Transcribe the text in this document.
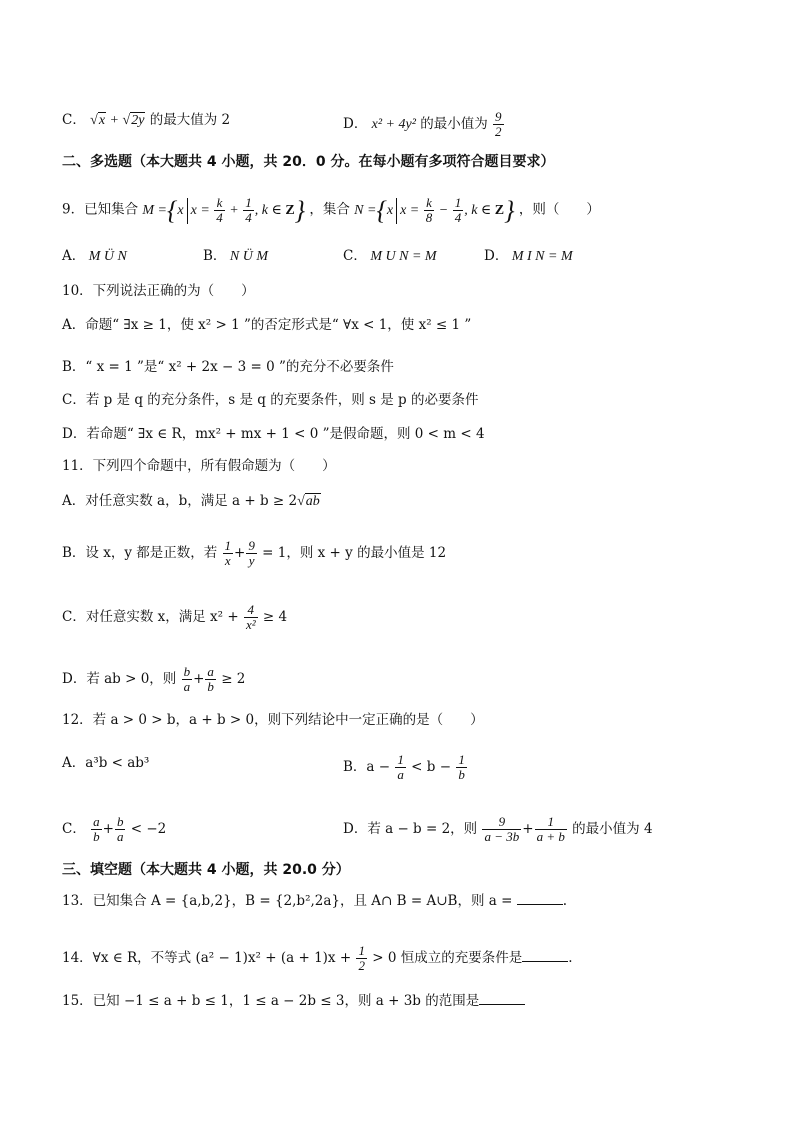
C． √x + √2y 的最大值为 2	D． x² + 4y² 的最小值为 $\frac{9}{2}$
二、多选题（本大题共 4 小题，共 20．0 分。在每小题有多项符合题目要求）
9．已知集合 M ={x $x = \frac{k}{4} + \frac{1}{4}$ , k ∈ Z} ，集合 N ={x $x = \frac{k}{8} - \frac{1}{4}$ , k ∈ Z} ，则（　　）
A． M Ü N	B． N Ü M	C． M U N = M	D． M I N = M
10．下列说法正确的为（　　）
A．命题“ ∃x ≥ 1，使 x² > 1 ”的否定形式是“ ∀x < 1，使 x² ≤ 1 ”
B．“ x = 1 ”是“ x² + 2x − 3 = 0 ”的充分不必要条件
C．若 p 是 q 的充分条件，s 是 q 的充要条件，则 s 是 p 的必要条件
D．若命题“ ∃x ∈ R，mx² + mx + 1 < 0 ”是假命题，则 0 < m < 4
11．下列四个命题中，所有假命题为（　　）
A．对任意实数 a，b，满足 a + b ≥ 2√ab
B．设 x，y 都是正数，若 $\frac{1}{x} + \frac{9}{y} = 1$，则 x + y 的最小值是 12
C．对任意实数 x，满足 $x^2 + \frac{4}{\text{x²}} \ge 4$
D．若 ab > 0，则 $\frac{b}{a} + \frac{a}{b} \ge 2$
12．若 a > 0 > b，a + b > 0，则下列结论中一定正确的是（　　）
A．a³b < ab³	B．$a - \frac{1}{a} < b - \frac{1}{b}$
C． $\frac{a}{b} + \frac{b}{a} < -2$	D．若 a − b = 2，则 $\frac{9}{a - 3b} + \frac{1}{a + b}$ 的最小值为 4
三、填空题（本大题共 4 小题，共 20.0 分）
13．已知集合 A = {a,b,2}，B = {2,b²,2a}，且 A∩ B = A∪B，则 a =	.
14．∀x ∈ R，不等式 $(a^2 - 1)x^2 + (a + 1)x + \frac{1}{2} > 0$ 恒成立的充要条件是	.
15．已知 −1 ≤ a + b ≤ 1，1 ≤ a − 2b ≤ 3，则 a + 3b 的范围是
